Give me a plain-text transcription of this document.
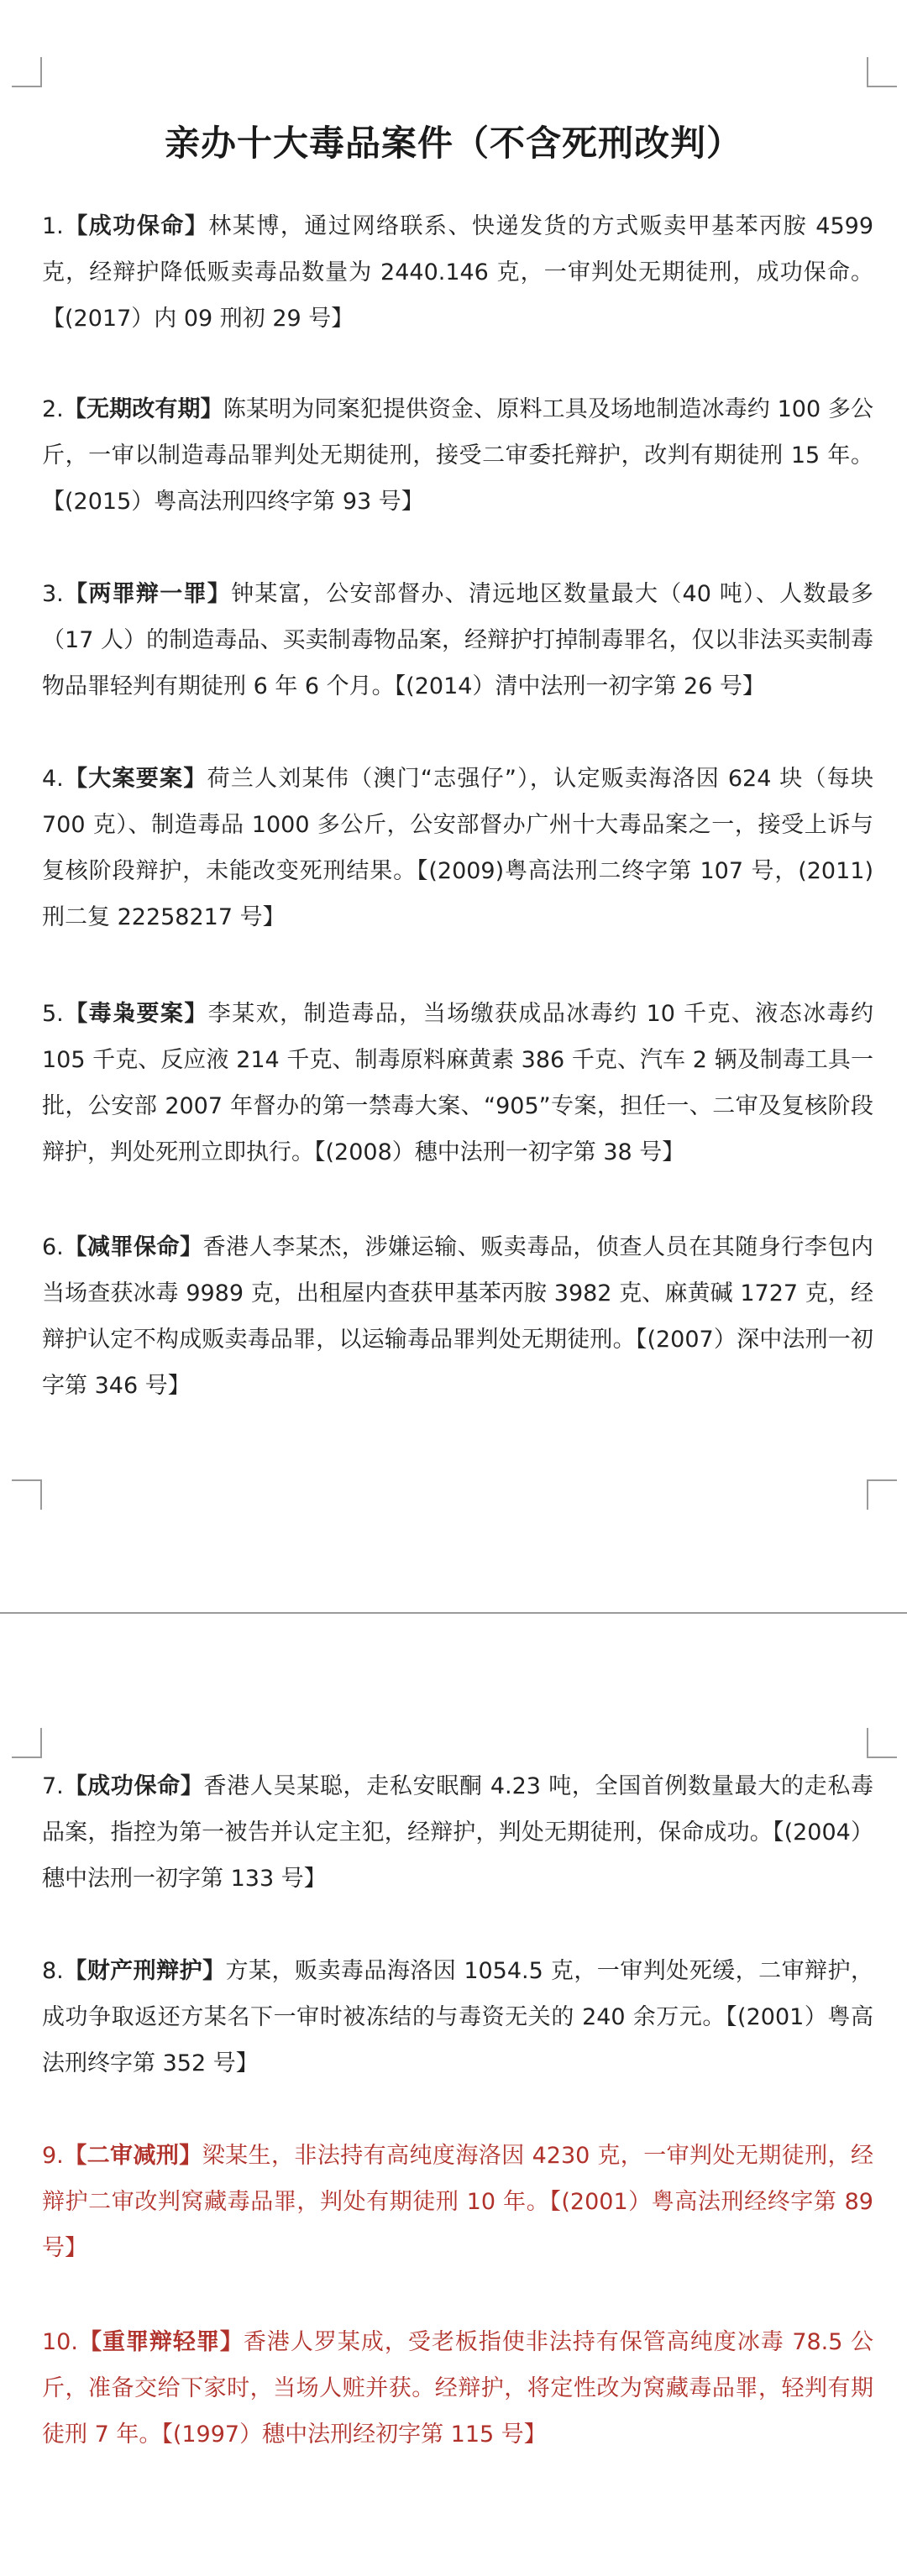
亲办十大毒品案件（不含死刑改判）
1.【成功保命】林某博，通过网络联系、快递发货的方式贩卖甲基苯丙胺 4599 克，经辩护降低贩卖毒品数量为 2440.146 克，一审判处无期徒刑，成功保命。【(2017）内 09 刑初 29 号】
2.【无期改有期】陈某明为同案犯提供资金、原料工具及场地制造冰毒约 100 多公斤，一审以制造毒品罪判处无期徒刑，接受二审委托辩护，改判有期徒刑 15 年。【(2015）粤高法刑四终字第 93 号】
3.【两罪辩一罪】钟某富，公安部督办、清远地区数量最大（40 吨）、人数最多（17 人）的制造毒品、买卖制毒物品案，经辩护打掉制毒罪名，仅以非法买卖制毒物品罪轻判有期徒刑 6 年 6 个月。【(2014）清中法刑一初字第 26 号】
4.【大案要案】荷兰人刘某伟（澳门“志强仔”），认定贩卖海洛因 624 块（每块 700 克）、制造毒品 1000 多公斤，公安部督办广州十大毒品案之一，接受上诉与复核阶段辩护，未能改变死刑结果。【(2009)粤高法刑二终字第 107 号，(2011)刑二复 22258217 号】
5.【毒枭要案】李某欢，制造毒品，当场缴获成品冰毒约 10 千克、液态冰毒约 105 千克、反应液 214 千克、制毒原料麻黄素 386 千克、汽车 2 辆及制毒工具一批，公安部 2007 年督办的第一禁毒大案、“905”专案，担任一、二审及复核阶段辩护，判处死刑立即执行。【(2008）穗中法刑一初字第 38 号】
6.【减罪保命】香港人李某杰，涉嫌运输、贩卖毒品，侦查人员在其随身行李包内当场查获冰毒 9989 克，出租屋内查获甲基苯丙胺 3982 克、麻黄碱 1727 克，经辩护认定不构成贩卖毒品罪，以运输毒品罪判处无期徒刑。【(2007）深中法刑一初字第 346 号】
7.【成功保命】香港人吴某聪，走私安眠酮 4.23 吨，全国首例数量最大的走私毒品案，指控为第一被告并认定主犯，经辩护，判处无期徒刑，保命成功。【(2004）穗中法刑一初字第 133 号】
8.【财产刑辩护】方某，贩卖毒品海洛因 1054.5 克，一审判处死缓，二审辩护，成功争取返还方某名下一审时被冻结的与毒资无关的 240 余万元。【(2001）粤高法刑终字第 352 号】
9.【二审减刑】梁某生，非法持有高纯度海洛因 4230 克，一审判处无期徒刑，经辩护二审改判窝藏毒品罪，判处有期徒刑 10 年。【(2001）粤高法刑经终字第 89 号】
10.【重罪辩轻罪】香港人罗某成，受老板指使非法持有保管高纯度冰毒 78.5 公斤，准备交给下家时，当场人赃并获。经辩护，将定性改为窝藏毒品罪，轻判有期徒刑 7 年。【(1997）穗中法刑经初字第 115 号】
